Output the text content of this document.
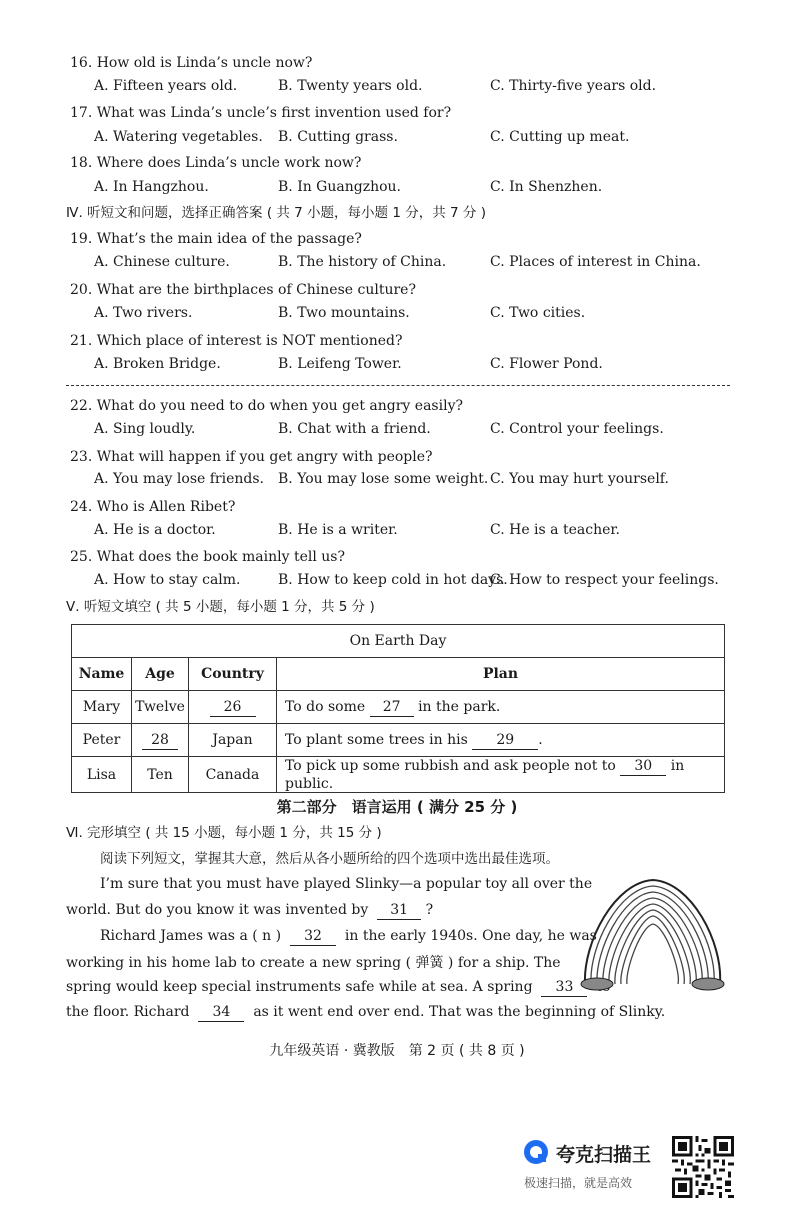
16. How old is Linda’s uncle now?
A. Fifteen years old.	B. Twenty years old.	C. Thirty-five years old.
17. What was Linda’s uncle’s first invention used for?
A. Watering vegetables. B. Cutting grass.	C. Cutting up meat.
18. Where does Linda’s uncle work now?
A. In Hangzhou.	B. In Guangzhou.	C. In Shenzhen.
Ⅳ. 听短文和问题，选择正确答案 ( 共 7 小题，每小题 1 分，共 7 分 )
19. What’s the main idea of the passage?
A. Chinese culture.	B. The history of China.	C. Places of interest in China.
20. What are the birthplaces of Chinese culture?
A. Two rivers.	B. Two mountains.	C. Two cities.
21. Which place of interest is NOT mentioned?
A. Broken Bridge.	B. Leifeng Tower.	C. Flower Pond.
22. What do you need to do when you get angry easily?
A. Sing loudly.	B. Chat with a friend.	C. Control your feelings.
23. What will happen if you get angry with people?
A. You may lose friends. B. You may lose some weight. C. You may hurt yourself.
24. Who is Allen Ribet?
A. He is a doctor.	B. He is a writer.	C. He is a teacher.
25. What does the book mainly tell us?
A. How to stay calm.	B. How to keep cold in hot days.
C. How to respect your feelings.
Ⅴ. 听短文填空 ( 共 5 小题，每小题 1 分，共 5 分 )
On Earth Day			
Name	Age	Country	Plan
Mary	Twelve	26	To do some 27 in the park.
Peter	28	Japan	To plant some trees in his 29 .
Lisa	Ten	Canada	To pick up some rubbish and ask people not to 30 in public.
第二部分　语言运用 ( 满分 25 分 )
Ⅵ. 完形填空 ( 共 15 小题，每小题 1 分，共 15 分 )
阅读下列短文，掌握其大意，然后从各小题所给的四个选项中选出最佳选项。
I’m sure that you must have played Slinky—a popular toy all over the
world. But do you know it was invented by 31 ?
Richard James was a ( n ) 32 in the early 1940s. One day, he was
working in his home lab to create a new spring ( 弹簧 ) for a ship. The
spring would keep special instruments safe while at sea. A spring 33
the floor. Richard 34 as it went end over end. That was the beginning of Slinky.
九年级英语 · 冀教版　第 2 页 ( 共 8 页 )
夸克扫描王
极速扫描，就是高效
